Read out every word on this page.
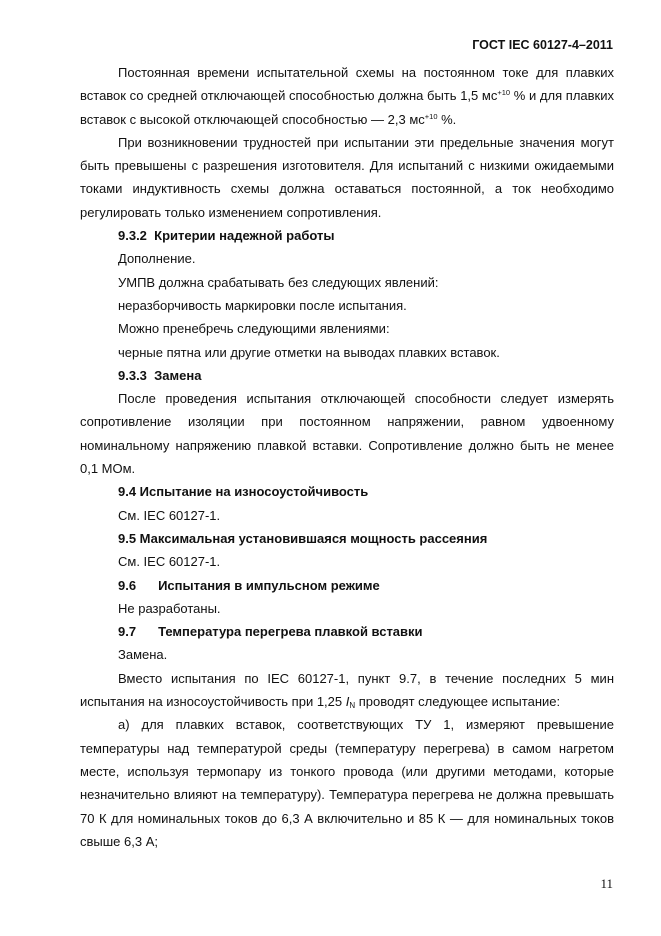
ГОСТ IEC 60127-4–2011

Постоянная времени испытательной схемы на постоянном токе для плавких вставок со средней отключающей способностью должна быть 1,5 $мс^{+10}$ % и для плавких вставок с высокой отключающей способностью — 2,3 $мс^{+10}$ %.

При возникновении трудностей при испытании эти предельные значения могут быть превышены с разрешения изготовителя. Для испытаний с низкими ожидаемыми токами индуктивность схемы должна оставаться постоянной, а ток необходимо регулировать только изменением сопротивления.

9.3.2 Критерии надежной работы

Дополнение.

УМПВ должна срабатывать без следующих явлений:

неразборчивость маркировки после испытания.

Можно пренебречь следующими явлениями:

черные пятна или другие отметки на выводах плавких вставок.

9.3.3 Замена

После проведения испытания отключающей способности следует измерять сопротивление изоляции при постоянном напряжении, равном удвоенному номинальному напряжению плавкой вставки. Сопротивление должно быть не менее 0,1 МОм.

9.4 Испытание на износоустойчивость

См. IEC 60127-1.

9.5 Максимальная установившаяся мощность рассеяния

См. IEC 60127-1.

9.6 Испытания в импульсном режиме

Не разработаны.

9.7 Температура перегрева плавкой вставки

Замена.

Вместо испытания по IEC 60127-1, пункт 9.7, в течение последних 5 мин испытания на износоустойчивость при 1,25 $I_N$ проводят следующее испытание:

а) для плавких вставок, соответствующих ТУ 1, измеряют превышение температуры над температурой среды (температуру перегрева) в самом нагретом месте, используя термопару из тонкого провода (или другими методами, которые незначительно влияют на температуру). Температура перегрева не должна превышать 70 К для номинальных токов до 6,3 А включительно и 85 К — для номинальных токов свыше 6,3 А;

11
